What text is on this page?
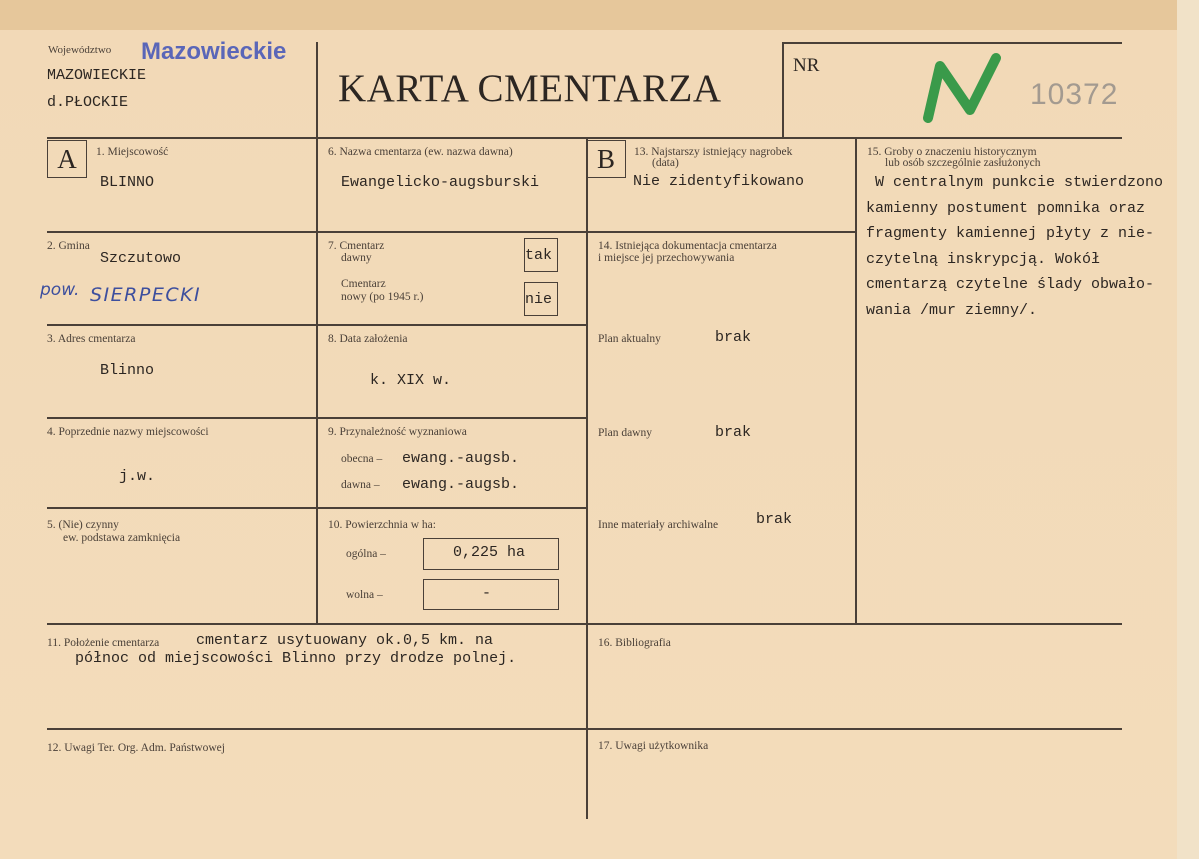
Województwo Mazowieckie
MAZOWIECKIE
d.PŁOCKIE	KARTA CMENTARZA
NR
10372
A	1. Miejscowość
BLINNO
2. Gmina
Szczutowo
pow. SIERPECKI
3. Adres cmentarza
Blinno
4. Poprzednie nazwy miejscowości
j.w.
5. (Nie) czynny
ew. podstawa zamknięcia
6. Nazwa cmentarza (ew. nazwa dawna)
Ewangelicko-augsburski
7. Cmentarz
dawny	tak
Cmentarz
nowy (po 1945 r.)	nie
8. Data założenia
k. XIX w.
9. Przynależność wyznaniowa
obecna – ewang.-augsb.
dawna – ewang.-augsb.
10. Powierzchnia w ha:
ogólna –	0,225 ha
wolna –	-
B	13. Najstarszy istniejący nagrobek
(data)
Nie zidentyfikowano
14. Istniejąca dokumentacja cmentarza
i miejsce jej przechowywania
Plan aktualny	brak
Plan dawny	brak
Inne materiały archiwalne	brak
15. Groby o znaczeniu historycznym
lub osób szczególnie zasłużonych
W centralnym punkcie stwierdzono
kamienny postument pomnika oraz
fragmenty kamiennej płyty z nie-
czytelną inskrypcją. Wokół
cmentarzą czytelne ślady obwało-
wania /mur ziemny/.
11. Położenie cmentarza cmentarz usytuowany ok.0,5 km. na
północ od miejscowości Blinno przy drodze polnej.
16. Bibliografia
12. Uwagi Ter. Org. Adm. Państwowej	17. Uwagi użytkownika
